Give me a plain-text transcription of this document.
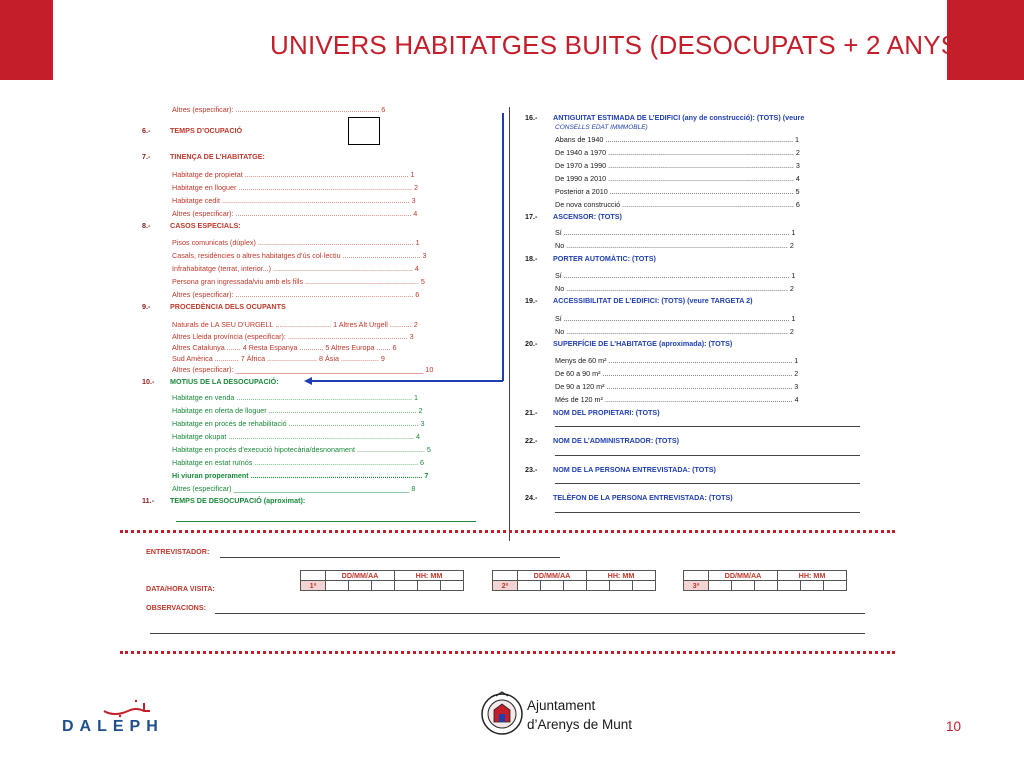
UNIVERS HABITATGES BUITS (DESOCUPATS + 2 ANYS)
Altres (especificar): ........................................................................ 6
6.-	TEMPS D’OCUPACIÓ
7.-	TINENÇA DE L’HABITATGE:
Habitatge de propietat .................................................................................. 1
Habitatge en lloguer ....................................................................................... 2
Habitatge cedit .............................................................................................. 3
Altres (especificar): ........................................................................................ 4
8.-	CASOS ESPECIALS:
Pisos comunicats (dúplex) .............................................................................. 1
Casals, residències o altres habitatges d’ús col·lectiu ....................................... 3
Infrahabitatge (terrat, interior...) ...................................................................... 4
Persona gran ingressada/viu amb els fills ......................................................... 5
Altres (especificar): ......................................................................................... 6
9.-	PROCEDÈNCIA DELS OCUPANTS
Naturals de LA SEU D’URGELL ............................ 1 Altres Alt Urgell ........... 2
Altres Lleida província (especificar): ............................................................ 3
Altres Catalunya ....... 4 Resta Espanya ............ 5 Altres Europa ....... 6
Sud Amèrica ............ 7 Àfrica ......................... 8 Àsia ................... 9
Altres (especificar): _______________________________________________ 10
10.- MOTIUS DE LA DESOCUPACIÓ:
Habitatge en venda ........................................................................................ 1
Habitatge en oferta de lloguer .......................................................................... 2
Habitatge en procés de rehabilitació ................................................................. 3
Habitatge okupat ............................................................................................. 4
Habitatge en procés d’execució hipotecària/desnonament .................................. 5
Habitatge en estat ruïnós .................................................................................. 6
Hi viuran properament ...................................................................................... 7
Altres (especificar) ____________________________________________ 8
11.- TEMPS DE DESOCUPACIÓ (aproximat):
16.- ANTIGUITAT ESTIMADA DE L’EDIFICI (any de construcció): (TOTS) (veure
CONSELLS EDAT IMMMOBLE)
Abans de 1940 .............................................................................................. 1
De 1940 a 1970 ............................................................................................. 2
De 1970 a 1990 ............................................................................................. 3
De 1990 a 2010 ............................................................................................. 4
Posterior a 2010 ............................................................................................ 5
De nova construcció ...................................................................................... 6
17.- ASCENSOR: (TOTS)
Sí ................................................................................................................. 1
No ............................................................................................................... 2
18.- PORTER AUTOMÀTIC: (TOTS)
Sí ................................................................................................................. 1
No ............................................................................................................... 2
19.- ACCESSIBILITAT DE L’EDIFICI: (TOTS) (veure TARGETA 2)
Sí ................................................................................................................. 1
No ............................................................................................................... 2
20.- SUPERFÍCIE DE L’HABITATGE (aproximada): (TOTS)
Menys de 60 m² ............................................................................................ 1
De 60 a 90 m² ............................................................................................... 2
De 90 a 120 m² ............................................................................................. 3
Més de 120 m² .............................................................................................. 4
21.- NOM DEL PROPIETARI: (TOTS)
22.- NOM DE L’ADMINISTRADOR: (TOTS)
23.- NOM DE LA PERSONA ENTREVISTADA: (TOTS)
24.- TELÈFON DE LA PERSONA ENTREVISTADA: (TOTS)
ENTREVISTADOR:
DATA/HORA VISITA:
	DD/MM/AA			HH: MM		
1ª						
	DD/MM/AA			HH: MM		
2ª						
	DD/MM/AA			HH: MM		
3ª						
OBSERVACIONS:
DALEPH
Ajuntament
d’Arenys de Munt	10
